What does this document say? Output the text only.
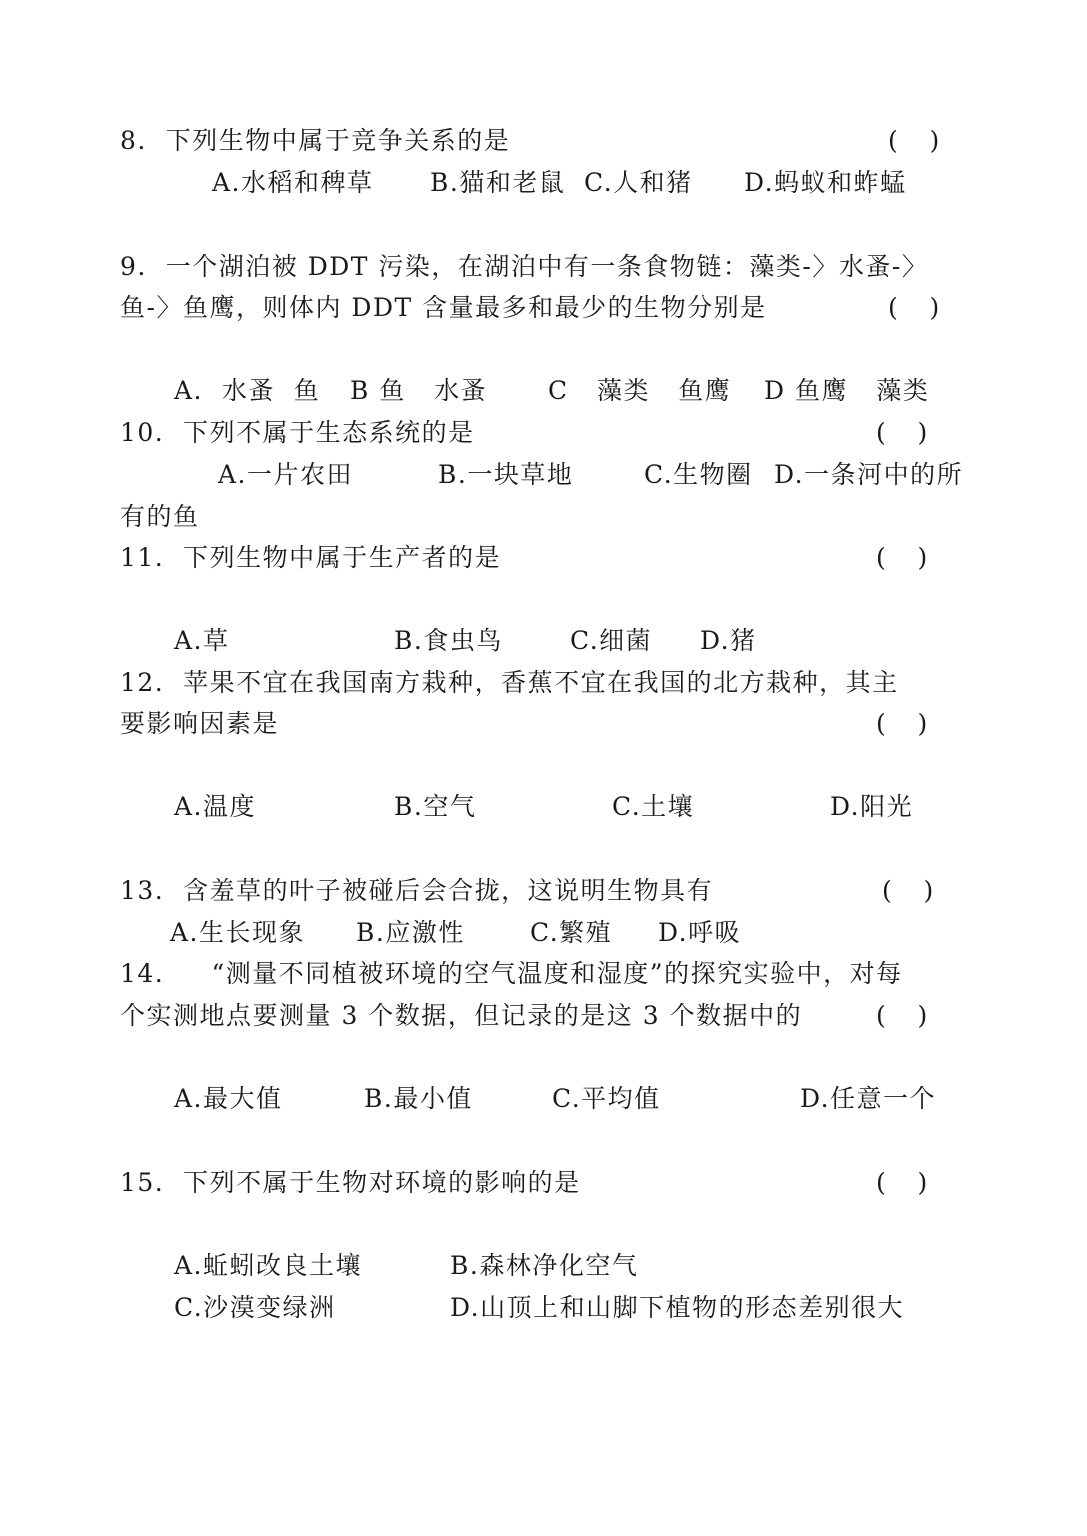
8. 下列生物中属于竞争关系的是	(    )
A.水稻和稗草 B.猫和老鼠 C.人和猪 D.蚂蚁和蚱蜢
9. 一个湖泊被 DDT 污染，在湖泊中有一条食物链：藻类-〉水蚤-〉
鱼-〉鱼鹰，则体内 DDT 含量最多和最少的生物分别是	(    )
A.  水蚤  鱼 B 鱼   水蚤 C   藻类   鱼鹰 D 鱼鹰   藻类
10. 下列不属于生态系统的是	(    )
A.一片农田	B.一块草地	C.生物圈 D.一条河中的所
有的鱼
11. 下列生物中属于生产者的是	(    )
A.草	B.食虫鸟	C.细菌 D.猪
12. 苹果不宜在我国南方栽种，香蕉不宜在我国的北方栽种，其主
要影响因素是	(    )
A.温度	B.空气	C.土壤	D.阳光
13. 含羞草的叶子被碰后会合拢，这说明生物具有	(    )
A.生长现象 B.应激性	C.繁殖 D.呼吸
14.     “测量不同植被环境的空气温度和湿度”的探究实验中，对每
个实测地点要测量 3 个数据，但记录的是这 3 个数据中的	(    )
A.最大值	B.最小值	C.平均值	D.任意一个
15. 下列不属于生物对环境的影响的是	(    )
A.蚯蚓改良土壤	B.森林净化空气
C.沙漠变绿洲	D.山顶上和山脚下植物的形态差别很大
